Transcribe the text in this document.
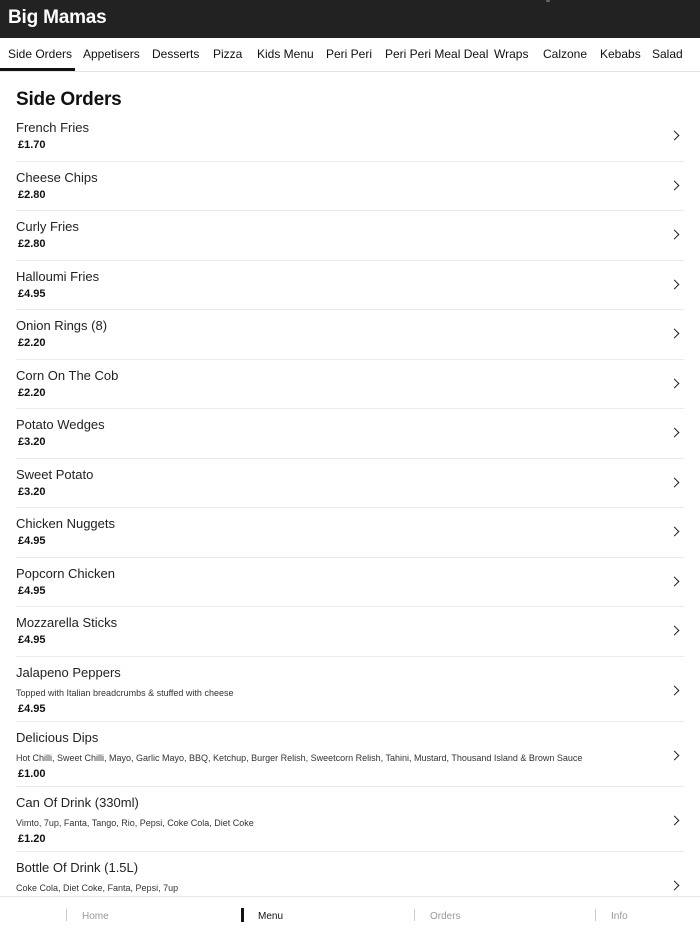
Big Mamas
Side Orders Appetisers Desserts Pizza Kids Menu Peri Peri Peri Peri Meal Deal Wraps Calzone Kebabs Salad
Side Orders
French Fries
£1.70
Cheese Chips
£2.80
Curly Fries
£2.80
Halloumi Fries
£4.95
Onion Rings (8)
£2.20
Corn On The Cob
£2.20
Potato Wedges
£3.20
Sweet Potato
£3.20
Chicken Nuggets
£4.95
Popcorn Chicken
£4.95
Mozzarella Sticks
£4.95
Jalapeno Peppers
Topped with Italian breadcrumbs & stuffed with cheese
£4.95
Delicious Dips
Hot Chilli, Sweet Chilli, Mayo, Garlic Mayo, BBQ, Ketchup, Burger Relish, Sweetcorn Relish, Tahini, Mustard, Thousand Island & Brown Sauce
£1.00
Can Of Drink (330ml)
Vimto, 7up, Fanta, Tango, Rio, Pepsi, Coke Cola, Diet Coke
£1.20
Bottle Of Drink (1.5L)
Coke Cola, Diet Coke, Fanta, Pepsi, 7up
Home	Menu	Orders	Info
